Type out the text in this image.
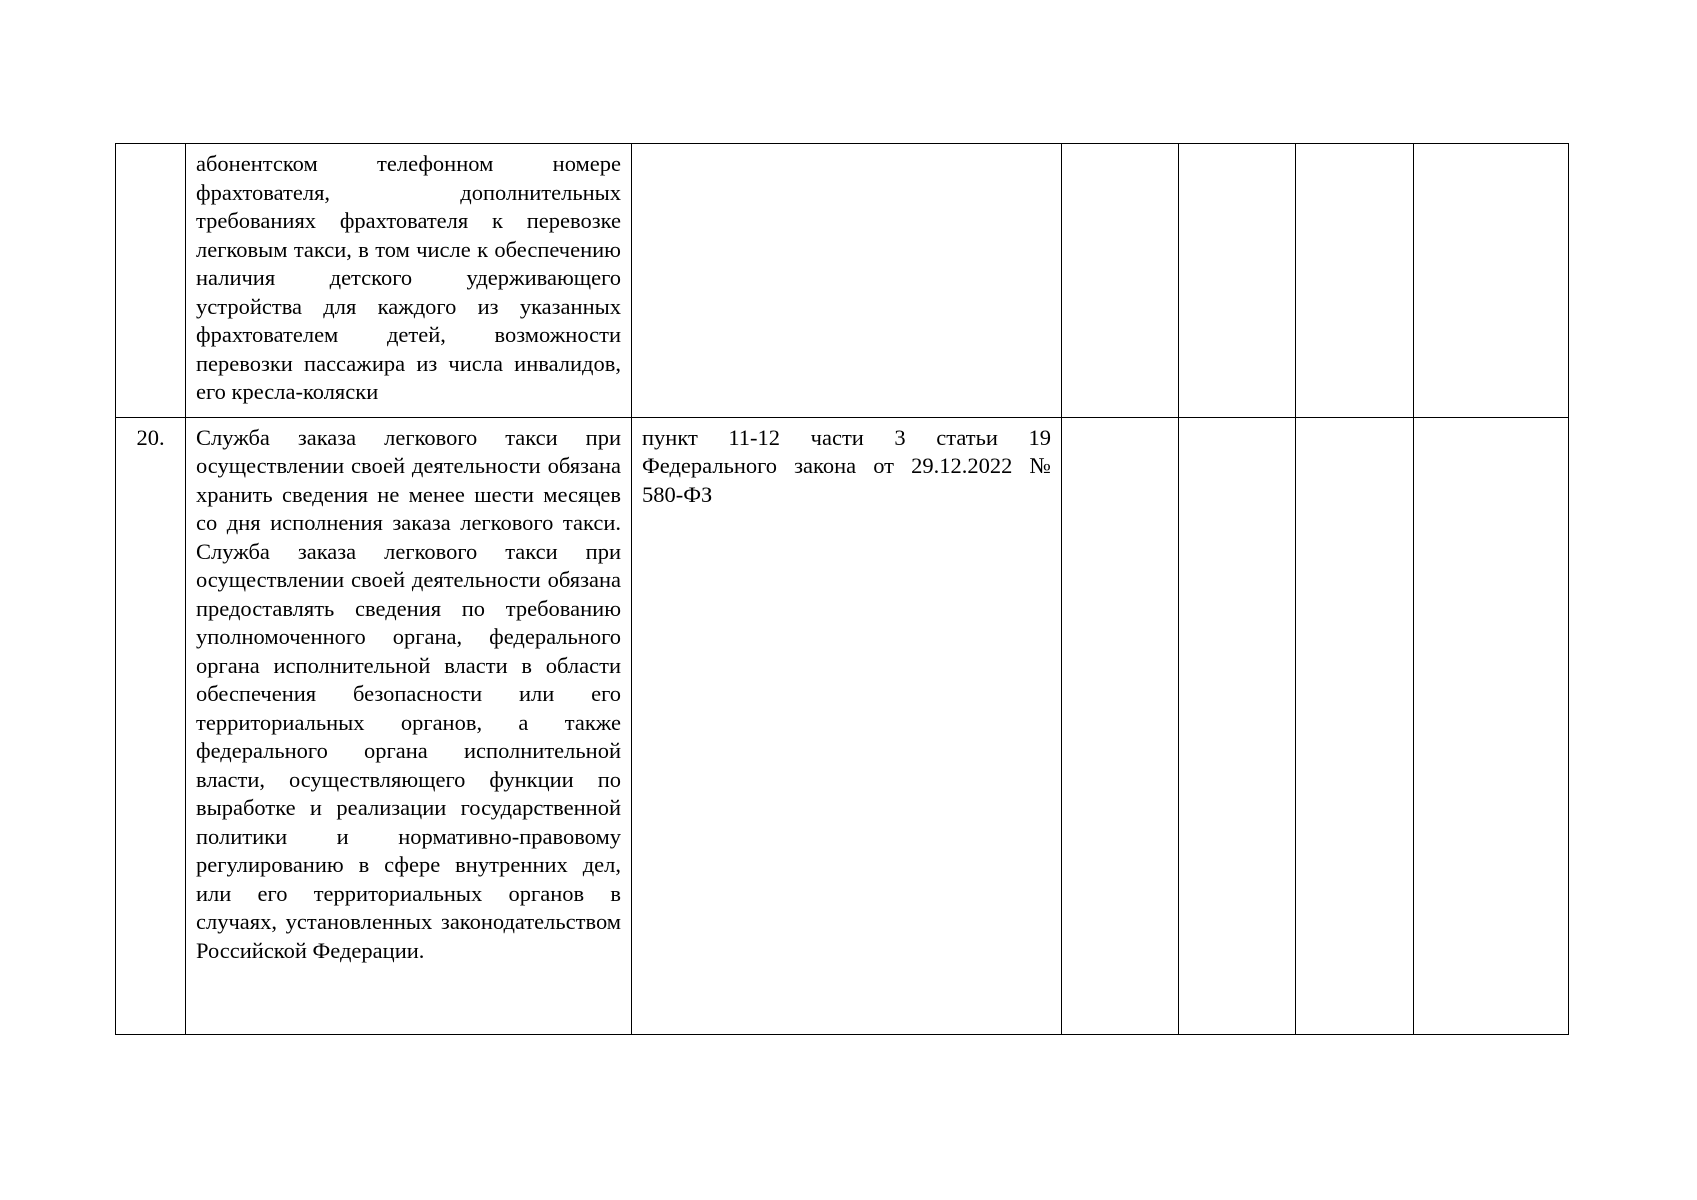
	абонентском телефонном номере фрахтователя, дополнительных требованиях фрахтователя к перевозке легковым такси, в том числе к обеспечению наличия детского удерживающего устройства для каждого из указанных фрахтователем детей, возможности перевозки пассажира из числа инвалидов, его кресла-коляски					
20.	Служба заказа легкового такси при осуществлении своей деятельности обязана хранить сведения не менее шести месяцев со дня исполнения заказа легкового такси. Служба заказа легкового такси при осуществлении своей деятельности обязана предоставлять сведения по требованию уполномоченного органа, федерального органа исполнительной власти в области обеспечения безопасности или его территориальных органов, а также федерального органа исполнительной власти, осуществляющего функции по выработке и реализации государственной политики и нормативно-правовому регулированию в сфере внутренних дел, или его территориальных органов в случаях, установленных законодательством Российской Федерации.	пункт 11-12 части 3 статьи 19 Федерального закона от 29.12.2022 № 580-ФЗ				
